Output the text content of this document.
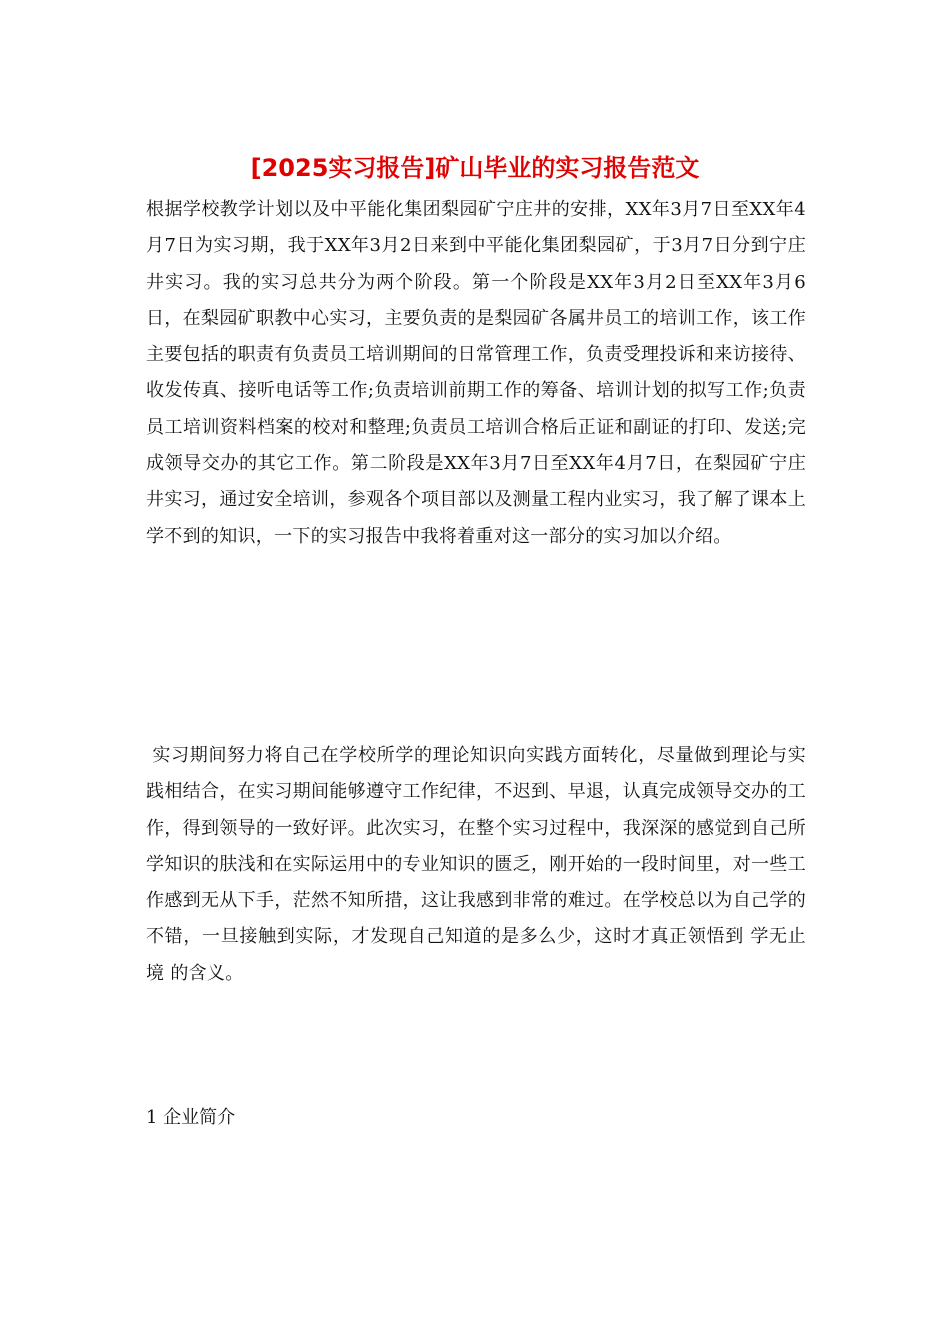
[2025实习报告]矿山毕业的实习报告范文

根据学校教学计划以及中平能化集团梨园矿宁庄井的安排，XX年3月7日至XX年4月7日为实习期，我于XX年3月2日来到中平能化集团梨园矿，于3月7日分到宁庄井实习。我的实习总共分为两个阶段。第一个阶段是XX年3月2日至XX年3月6日，在梨园矿职教中心实习，主要负责的是梨园矿各属井员工的培训工作，该工作主要包括的职责有负责员工培训期间的日常管理工作，负责受理投诉和来访接待、收发传真、接听电话等工作;负责培训前期工作的筹备、培训计划的拟写工作;负责员工培训资料档案的校对和整理;负责员工培训合格后正证和副证的打印、发送;完成领导交办的其它工作。第二阶段是XX年3月7日至XX年4月7日，在梨园矿宁庄井实习，通过安全培训，参观各个项目部以及测量工程内业实习，我了解了课本上学不到的知识，一下的实习报告中我将着重对这一部分的实习加以介绍。

实习期间努力将自己在学校所学的理论知识向实践方面转化，尽量做到理论与实践相结合，在实习期间能够遵守工作纪律，不迟到、早退，认真完成领导交办的工作，得到领导的一致好评。此次实习，在整个实习过程中，我深深的感觉到自己所学知识的肤浅和在实际运用中的专业知识的匮乏，刚开始的一段时间里，对一些工作感到无从下手，茫然不知所措，这让我感到非常的难过。在学校总以为自己学的不错，一旦接触到实际，才发现自己知道的是多么少，这时才真正领悟到 学无止境 的含义。

1 企业简介
